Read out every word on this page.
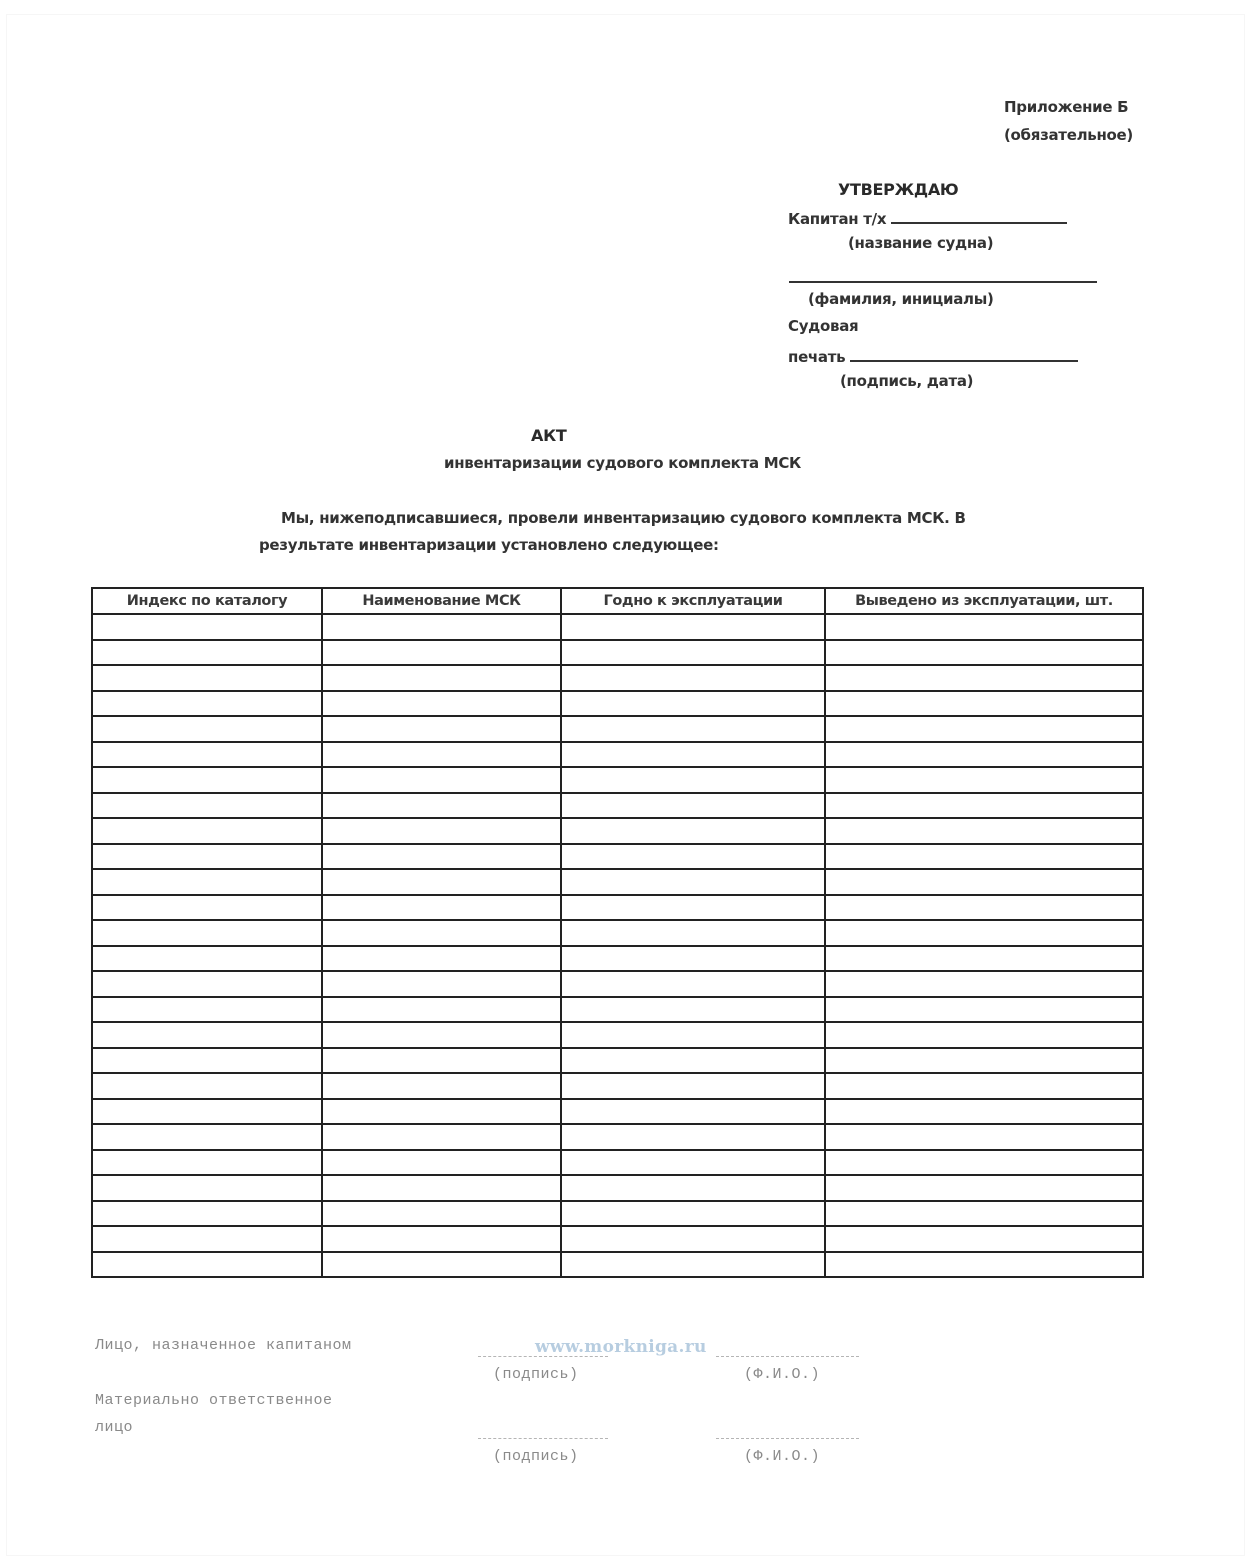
Приложение Б
(обязательное)
УТВЕРЖДАЮ
Капитан т/х
(название судна)
(фамилия, инициалы)
Судовая
печать
(подпись, дата)
АКТ
инвентаризации судового комплекта МСК
Мы, нижеподписавшиеся, провели инвентаризацию судового комплекта МСК. В
результате инвентаризации установлено следующее:
Индекс по каталогу	Наименование МСК	Годно к эксплуатации	Выведено из эксплуатации, шт.

Лицо, назначенное капитаном
(подпись)	(Ф.И.О.)
Материально ответственное
лицо
(подпись)	(Ф.И.О.)
www.morkniga.ru
